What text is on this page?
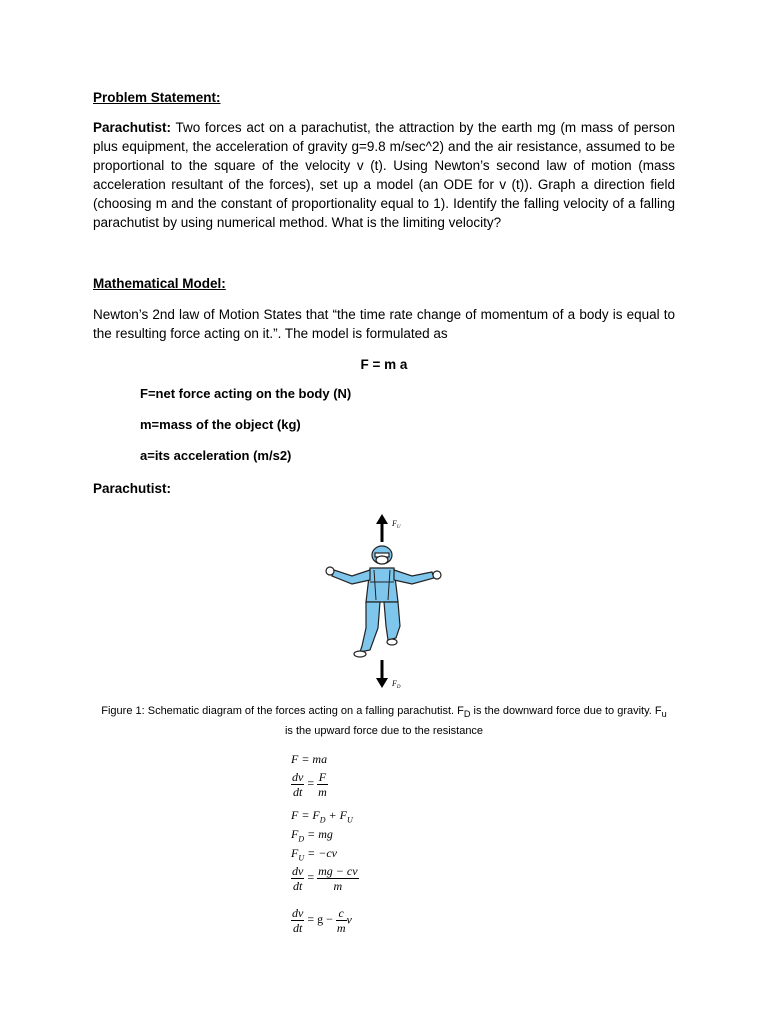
Problem Statement:
Parachutist: Two forces act on a parachutist, the attraction by the earth mg (m mass of person plus equipment, the acceleration of gravity g=9.8 m/sec^2) and the air resistance, assumed to be proportional to the square of the velocity v (t). Using Newton’s second law of motion (mass acceleration resultant of the forces), set up a model (an ODE for v (t)). Graph a direction field (choosing m and the constant of proportionality equal to 1). Identify the falling velocity of a falling parachutist by using numerical method. What is the limiting velocity?
Mathematical Model:
Newton’s 2nd law of Motion States that “the time rate change of momentum of a body is equal to the resulting force acting on it.”. The model is formulated as
F = m a
F=net force acting on the body (N)
m=mass of the object (kg)
a=its acceleration (m/s2)
Parachutist:
$F_U$
$F_D$
Figure 1: Schematic diagram of the forces acting on a falling parachutist. $F_D$ is the downward force due to gravity. $F_u$ is the upward force due to the resistance
F = ma
$\frac{dv}{dt} = \frac{F}{m}$
$F = F_D + F_U$
$F_D$ = mg
$F_U = -cv$
$\frac{dv}{dt} = \frac{mg - cv}{m}$
$\frac{dv}{dt} = g - \frac{c}{m}$ v
